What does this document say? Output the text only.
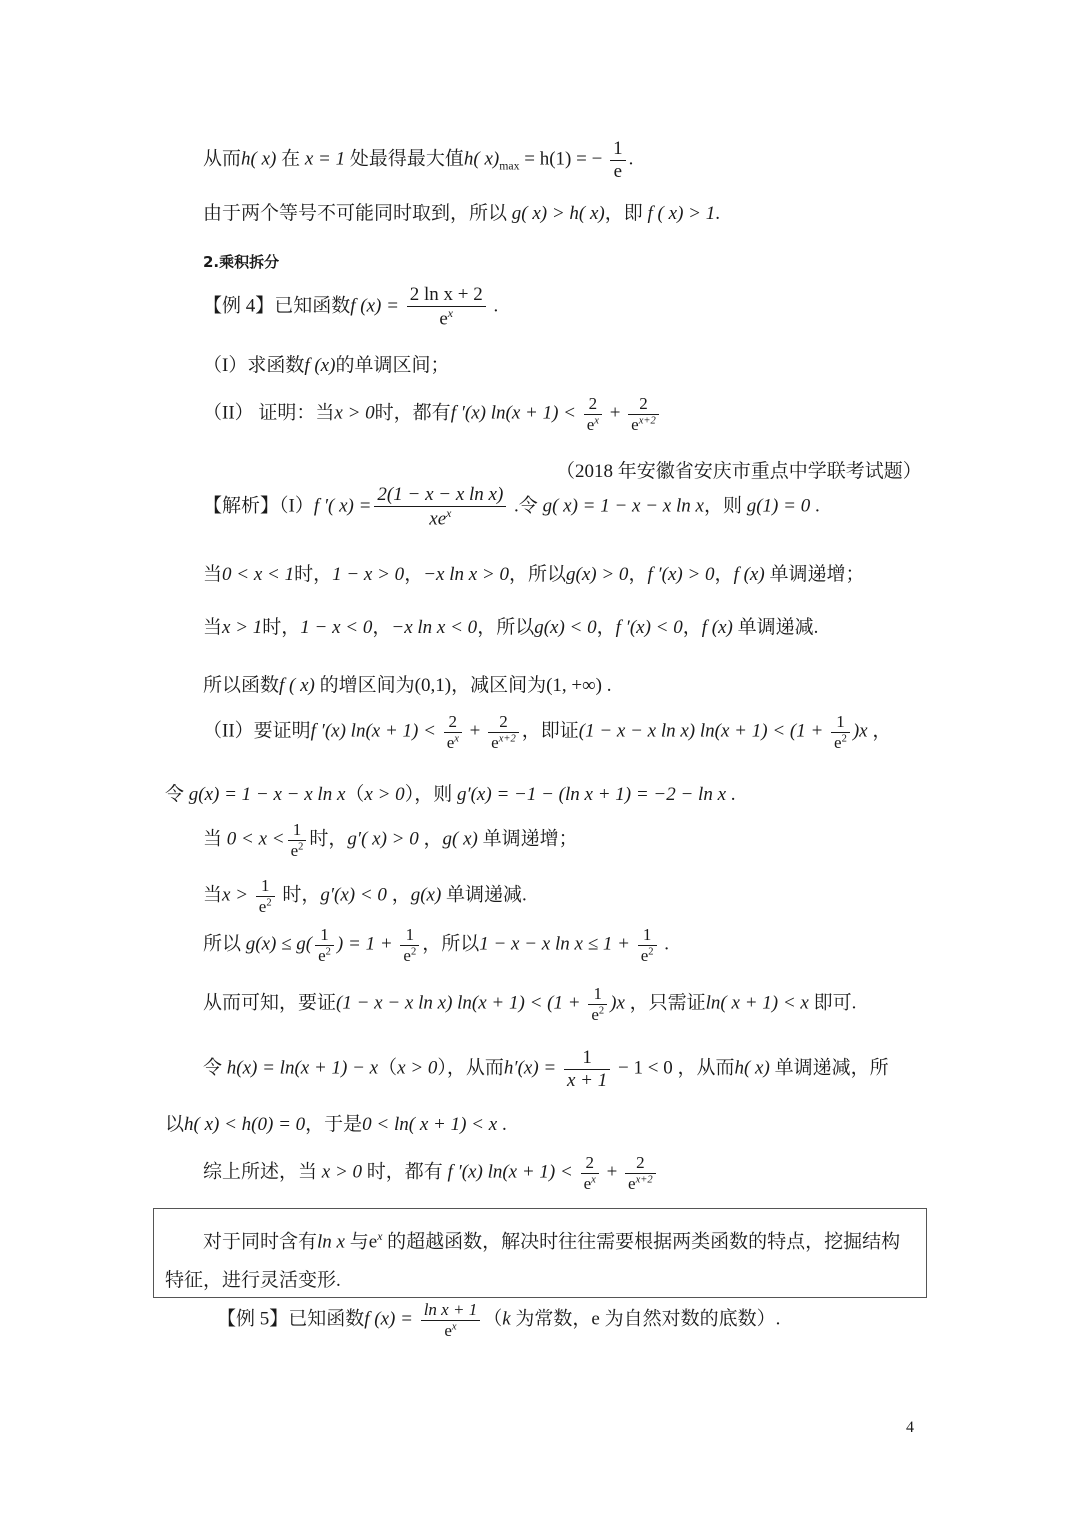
从而h( x) 在 x = 1 处最得最大值h( $x)_{max} = h(1)$ = − $\frac{1}{e}$ .
由于两个等号不可能同时取到，所以 g( x) > h( x)，即 f ( x) > 1.
2.乘积拆分
【例 4】已知函数f $(x) = \frac{\text{2 ln x + 2}}{e^x}$ .
（I）求函数f (x)的单调区间；
（II） 证明：当x > 0时，都有f ′(x) $\ln(x + 1) < \frac{2}{e^x} + \frac{2}{e^{x+2}}$
（2018 年安徽省安庆市重点中学联考试题）
【解析】（I）f ′( $x) = \frac{\text{2(1 − x − x ln x)}}{xe^x}$ .令 g( x) = 1 − x − x ln x，则 g(1) = 0 .
当0 < x < 1时，1 − x > 0，−x ln x > 0，所以g(x) > 0，f ′(x) > 0，f (x) 单调递增；
当x > 1时，1 − x < 0，−x ln x < 0，所以g(x) < 0，f ′(x) < 0，f (x) 单调递减.
所以函数f ( x) 的增区间为(0,1)，减区间为(1, +∞) .
（II）要证明f ′(x) $\ln(x + 1) < \frac{2}{e^x} + \frac{2}{e^{x+2}}$ ，即证(1 − x − x ln x) $\ln(x + 1) < (1 + \frac{1}{e^2} )x$ ，
令 g(x) = 1 − x − x ln x（x > 0），则 g′(x) = −1 − (ln x + 1) = −2 − ln x .
当 $0 < x < \frac{1}{e^2}$ 时，g′( x) > 0 ，g( x) 单调递增；
当$x > \frac{1}{e^2}$ 时，g′(x) < 0 ，g(x) 单调递减.
所以 $g(x) \le g( \frac{1}{e^2}$ ) = $1 + \frac{1}{e^2}$ ，所以1 − x − x $\ln x \le 1 + \frac{1}{e^2}$ .
从而可知，要证(1 − x − x ln x) $\ln(x + 1) < (1 + \frac{1}{e^2} )x$ ，只需证ln( x + 1) < x 即可.
令 h(x) = ln(x + 1) − x（x > 0），从而$h'(x) = \frac{1}{x + 1} - 1 < 0$ ，从而h( x) 单调递减，所
以h( x) < h(0) = 0，于是0 < ln( x + 1) < x .
综上所述，当 x > 0 时，都有 f ′(x) $\ln(x + 1) < \frac{2}{e^x} + \frac{2}{e^{x+2}}$
对于同时含有ln x 与$e^x$ 的超越函数，解决时往往需要根据两类函数的特点，挖掘结构
特征，进行灵活变形.
【例 5】已知函数f $(x) = \frac{\text{ln x + 1}}{e^x} (k$ 为常数，e 为自然对数的底数）.
4
